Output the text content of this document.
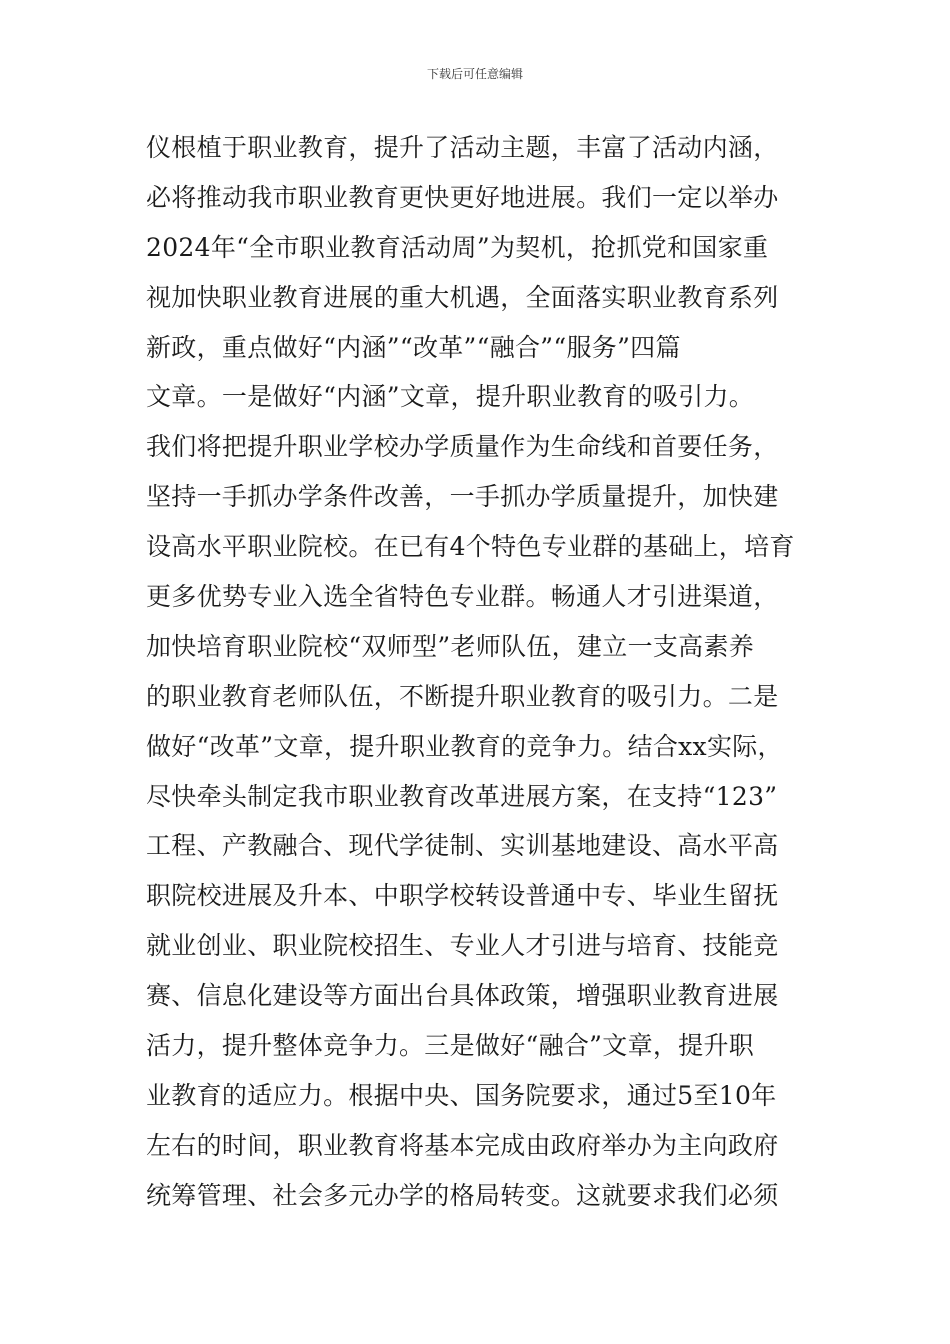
下载后可任意编辑
仪根植于职业教育，提升了活动主题，丰富了活动内涵，
必将推动我市职业教育更快更好地进展。我们一定以举办
2024年“全市职业教育活动周”为契机，抢抓党和国家重
视加快职业教育进展的重大机遇，全面落实职业教育系列
新政，重点做好“内涵”“改革”“融合”“服务”四篇
文章。一是做好“内涵”文章，提升职业教育的吸引力。
我们将把提升职业学校办学质量作为生命线和首要任务，
坚持一手抓办学条件改善，一手抓办学质量提升，加快建
设高水平职业院校。在已有4个特色专业群的基础上，培育
更多优势专业入选全省特色专业群。畅通人才引进渠道，
加快培育职业院校“双师型”老师队伍，建立一支高素养
的职业教育老师队伍，不断提升职业教育的吸引力。二是
做好“改革”文章，提升职业教育的竞争力。结合xx实际，
尽快牵头制定我市职业教育改革进展方案，在支持“123”
工程、产教融合、现代学徒制、实训基地建设、高水平高
职院校进展及升本、中职学校转设普通中专、毕业生留抚
就业创业、职业院校招生、专业人才引进与培育、技能竞
赛、信息化建设等方面出台具体政策，增强职业教育进展
活力，提升整体竞争力。三是做好“融合”文章，提升职
业教育的适应力。根据中央、国务院要求，通过5至10年
左右的时间，职业教育将基本完成由政府举办为主向政府
统筹管理、社会多元办学的格局转变。这就要求我们必须
